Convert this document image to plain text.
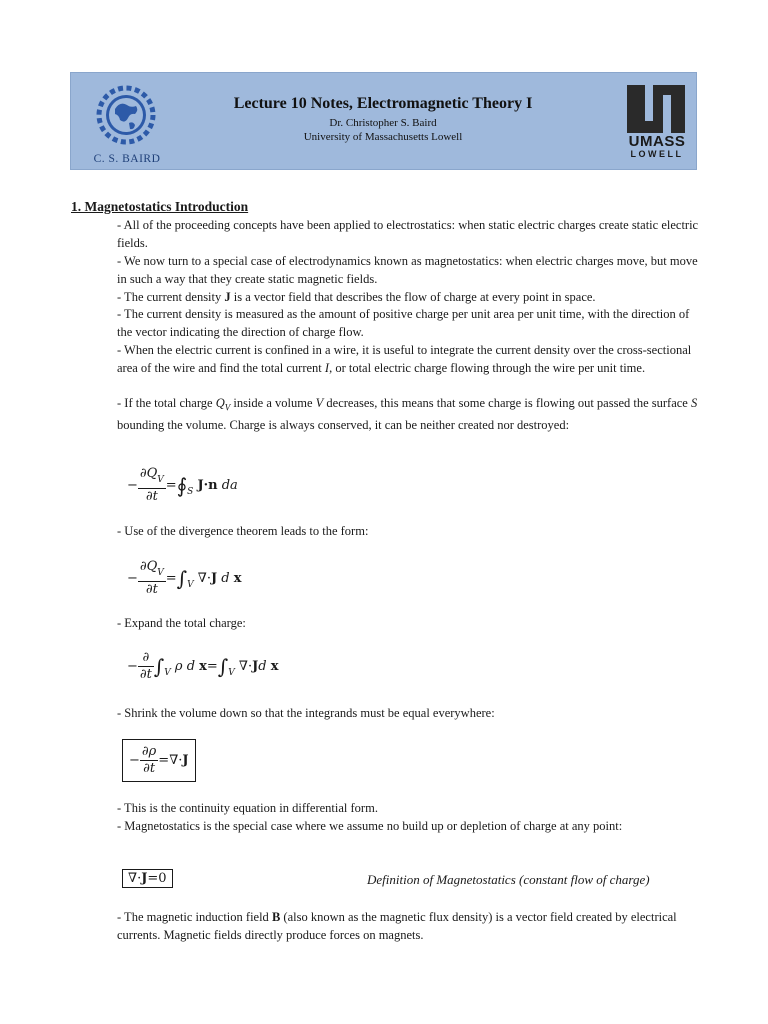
C. S. BAIRD
Lecture 10 Notes, Electromagnetic Theory I
Dr. Christopher S. Baird
University of Massachusetts Lowell	UMASS
LOWELL
1. Magnetostatics Introduction

- All of the proceeding concepts have been applied to electrostatics: when static electric charges create static electric fields.

- We now turn to a special case of electrodynamics known as magnetostatics: when electric charges move, but move in such a way that they create static magnetic fields.

- The current density J is a vector field that describes the flow of charge at every point in space.

- The current density is measured as the amount of positive charge per unit area per unit time, with the direction of the vector indicating the direction of charge flow.

- When the electric current is confined in a wire, it is useful to integrate the current density over the cross-sectional area of the wire and find the total current I, or total electric charge flowing through the wire per unit time.

- If the total charge $Q_V$ inside a volume V decreases, this means that some charge is flowing out passed the surface S bounding the volume. Charge is always conserved, it can be neither created nor destroyed:

− $\frac{\partial Q_V}{\partial t}$ $=∮_S$ J·n da

- Use of the divergence theorem leads to the form:

− $\frac{\partial Q_V}{\partial t} =\int_V$ ∇·J d x

- Expand the total charge:

− $\frac{\partial}{\partial t} \int_V$ ρ d $x=\int_V$ ∇·Jd x

- Shrink the volume down so that the integrands must be equal everywhere:

− $\frac{\partial\rho}{\partial t} =\nabla\cdot J$

- This is the continuity equation in differential form.

- Magnetostatics is the special case where we assume no build up or depletion of charge at any point:

∇·J=0	Definition of Magnetostatics (constant flow of charge)

- The magnetic induction field B (also known as the magnetic flux density) is a vector field created by electrical currents. Magnetic fields directly produce forces on magnets.
